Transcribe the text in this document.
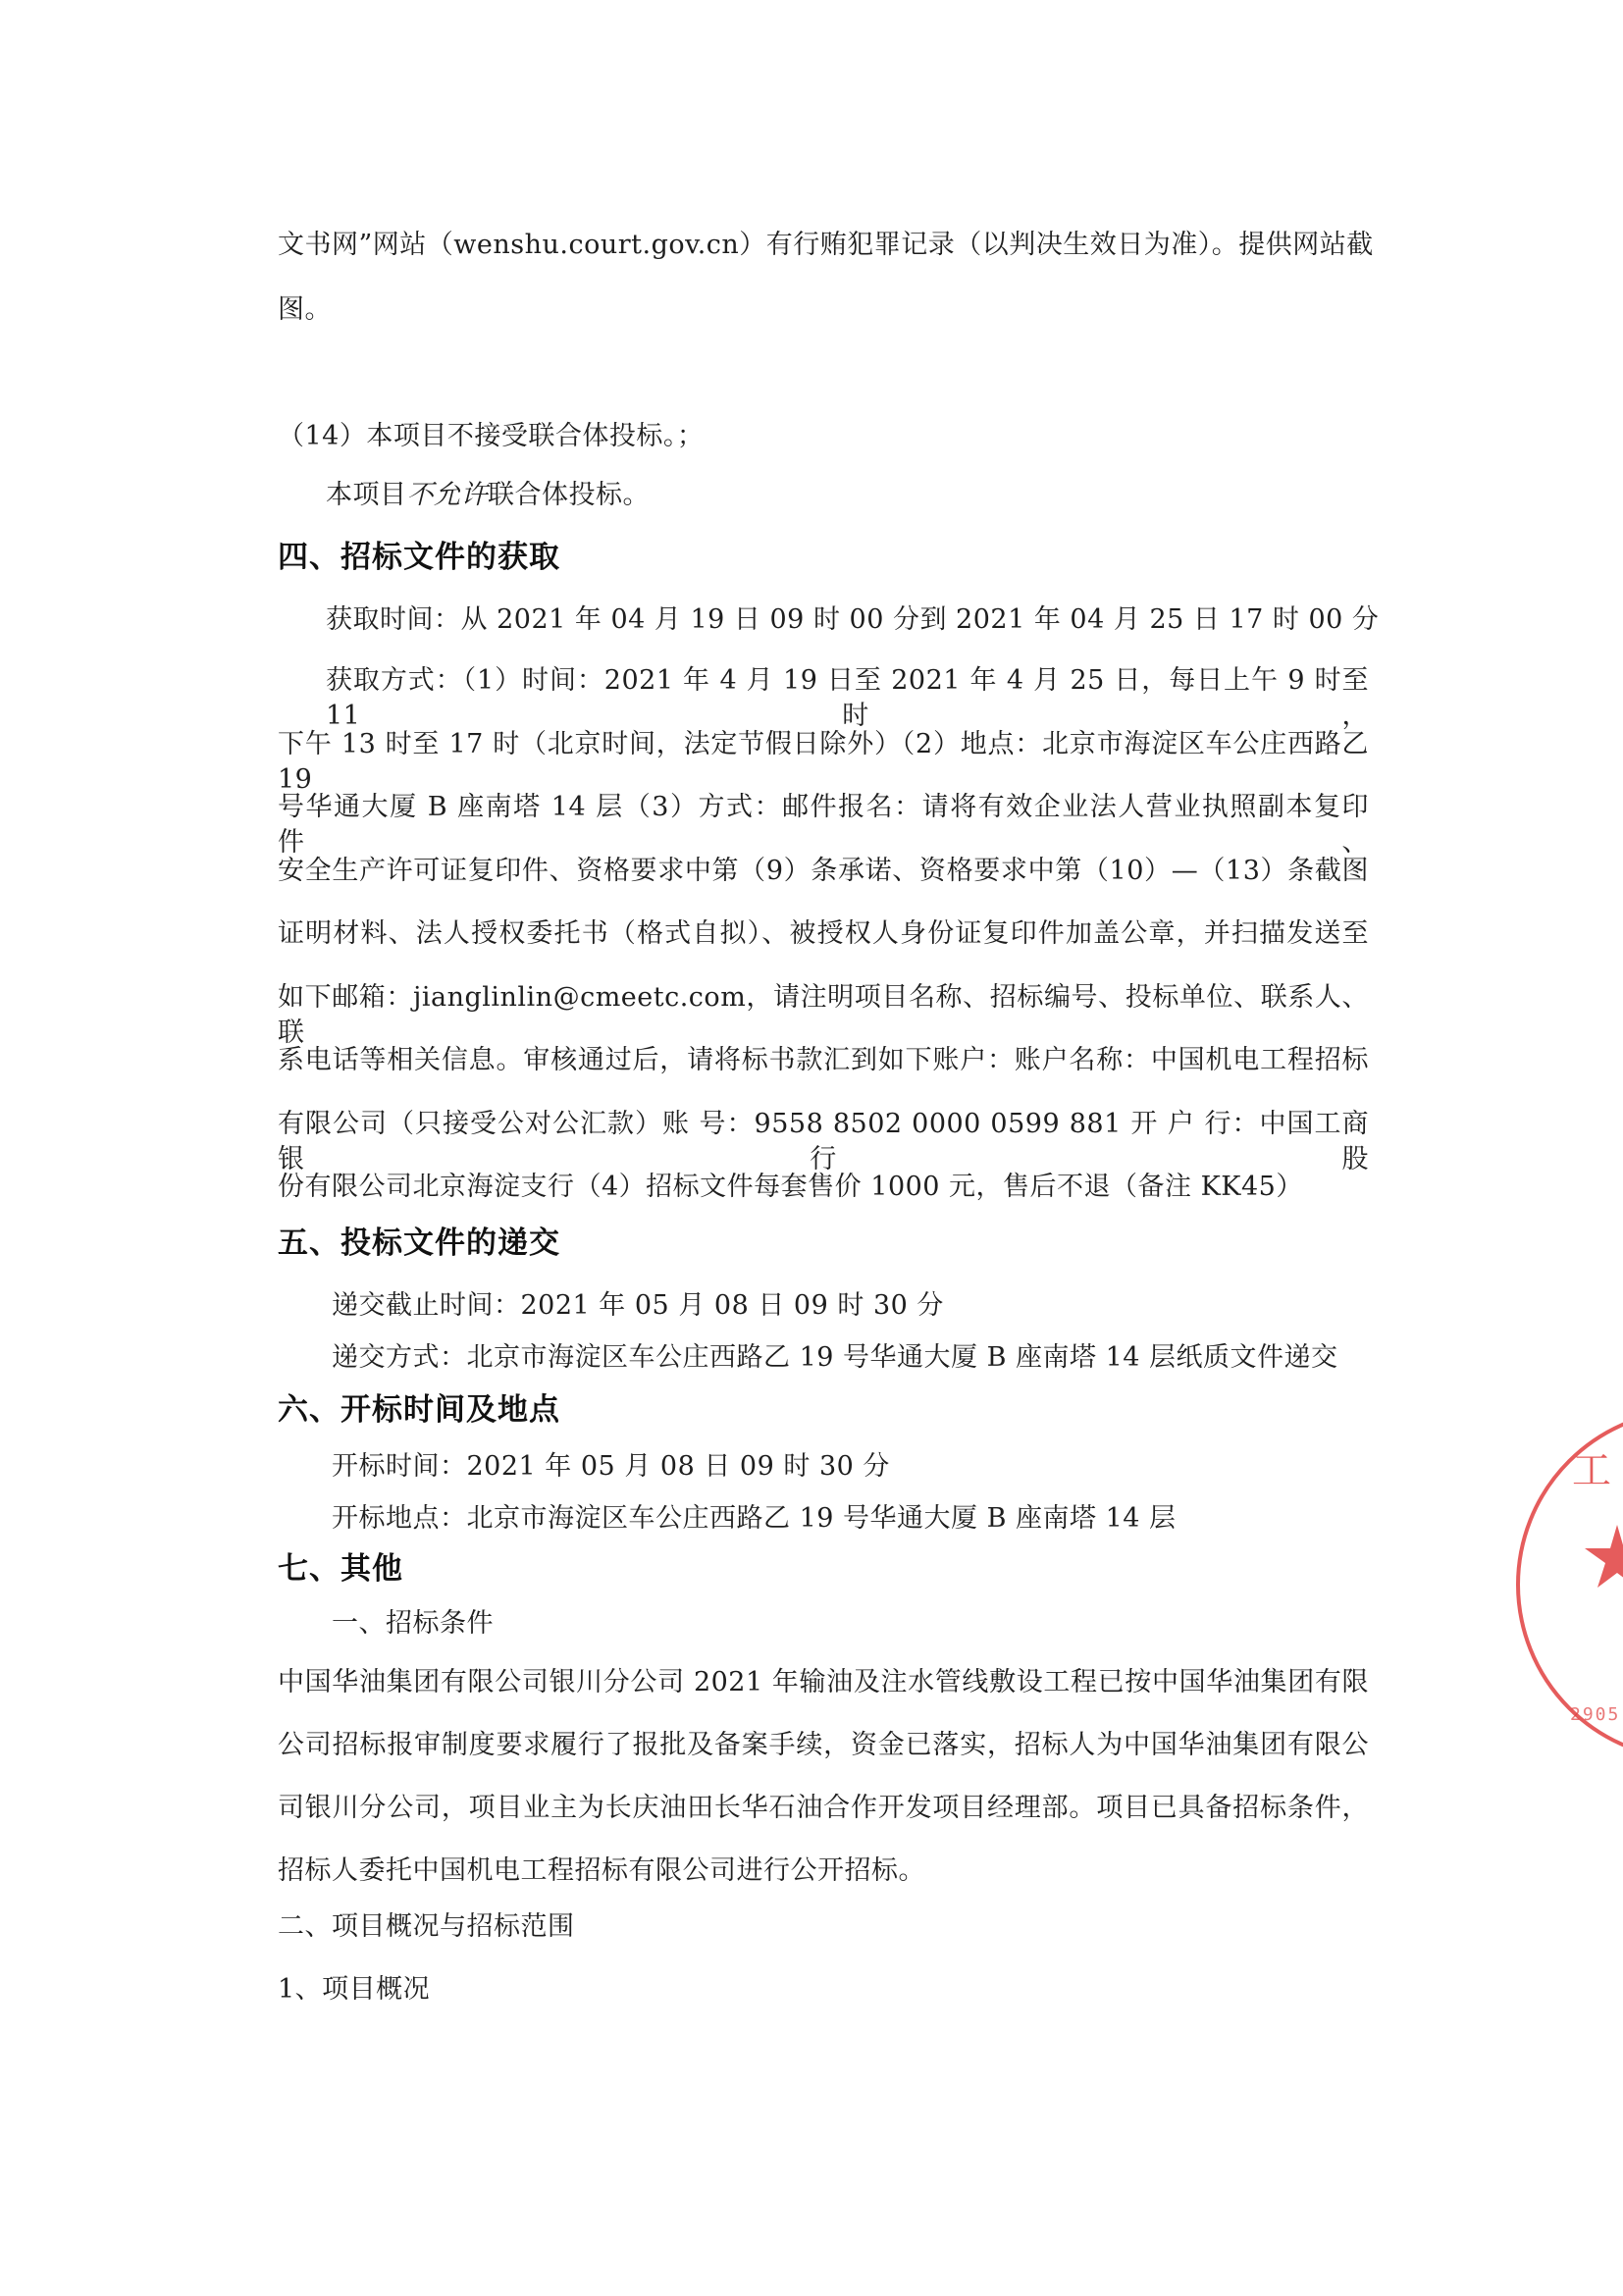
文书网”网站（wenshu.court.gov.cn）有行贿犯罪记录（以判决生效日为准）。提供网站截
图。
（14）本项目不接受联合体投标。；
本项目不允许联合体投标。
四、招标文件的获取
获取时间：从 2021 年 04 月 19 日 09 时 00 分到 2021 年 04 月 25 日 17 时 00 分
获取方式：（1）时间：2021 年 4 月 19 日至 2021 年 4 月 25 日，每日上午 9 时至 11 时，
下午 13 时至 17 时（北京时间，法定节假日除外）（2）地点：北京市海淀区车公庄西路乙 19
号华通大厦 B 座南塔 14 层（3）方式：邮件报名：请将有效企业法人营业执照副本复印件、
安全生产许可证复印件、资格要求中第（9）条承诺、资格要求中第（10）—（13）条截图
证明材料、法人授权委托书（格式自拟）、被授权人身份证复印件加盖公章，并扫描发送至
如下邮箱：jianglinlin@cmeetc.com，请注明项目名称、招标编号、投标单位、联系人、联
系电话等相关信息。审核通过后，请将标书款汇到如下账户：账户名称：中国机电工程招标
有限公司（只接受公对公汇款）账 号：9558 8502 0000 0599 881 开 户 行：中国工商银行股
份有限公司北京海淀支行（4）招标文件每套售价 1000 元，售后不退（备注 KK45）
五、投标文件的递交
递交截止时间：2021 年 05 月 08 日 09 时 30 分
递交方式：北京市海淀区车公庄西路乙 19 号华通大厦 B 座南塔 14 层纸质文件递交
六、开标时间及地点
开标时间：2021 年 05 月 08 日 09 时 30 分
开标地点：北京市海淀区车公庄西路乙 19 号华通大厦 B 座南塔 14 层
七、其他
一、招标条件
中国华油集团有限公司银川分公司 2021 年输油及注水管线敷设工程已按中国华油集团有限
公司招标报审制度要求履行了报批及备案手续，资金已落实，招标人为中国华油集团有限公
司银川分公司，项目业主为长庆油田长华石油合作开发项目经理部。项目已具备招标条件，
招标人委托中国机电工程招标有限公司进行公开招标。
二、项目概况与招标范围
1、项目概况
工
2905
